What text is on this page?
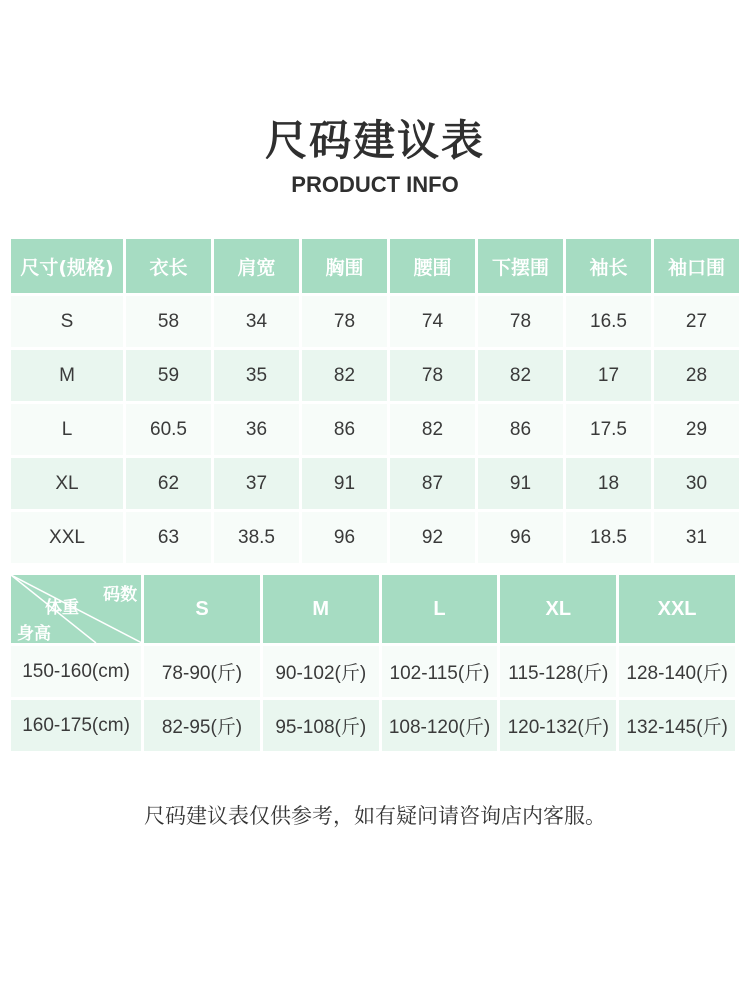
尺码建议表
PRODUCT INFO
尺寸(规格)	衣长	肩宽	胸围	腰围	下摆围	袖长	袖口围
S	58	34	78	74	78	16.5	27
M	59	35	82	78	82	17	28
L	60.5	36	86	82	86	17.5	29
XL	62	37	91	87	91	18	30
XXL	63	38.5	96	92	96	18.5	31
码数
体重
身高	S	M	L	XL	XXL
150-160(cm)	78-90(斤)	90-102(斤)	102-115(斤)	115-128(斤)	128-140(斤)
160-175(cm)	82-95(斤)	95-108(斤)	108-120(斤)	120-132(斤)	132-145(斤)
尺码建议表仅供参考，如有疑问请咨询店内客服。
